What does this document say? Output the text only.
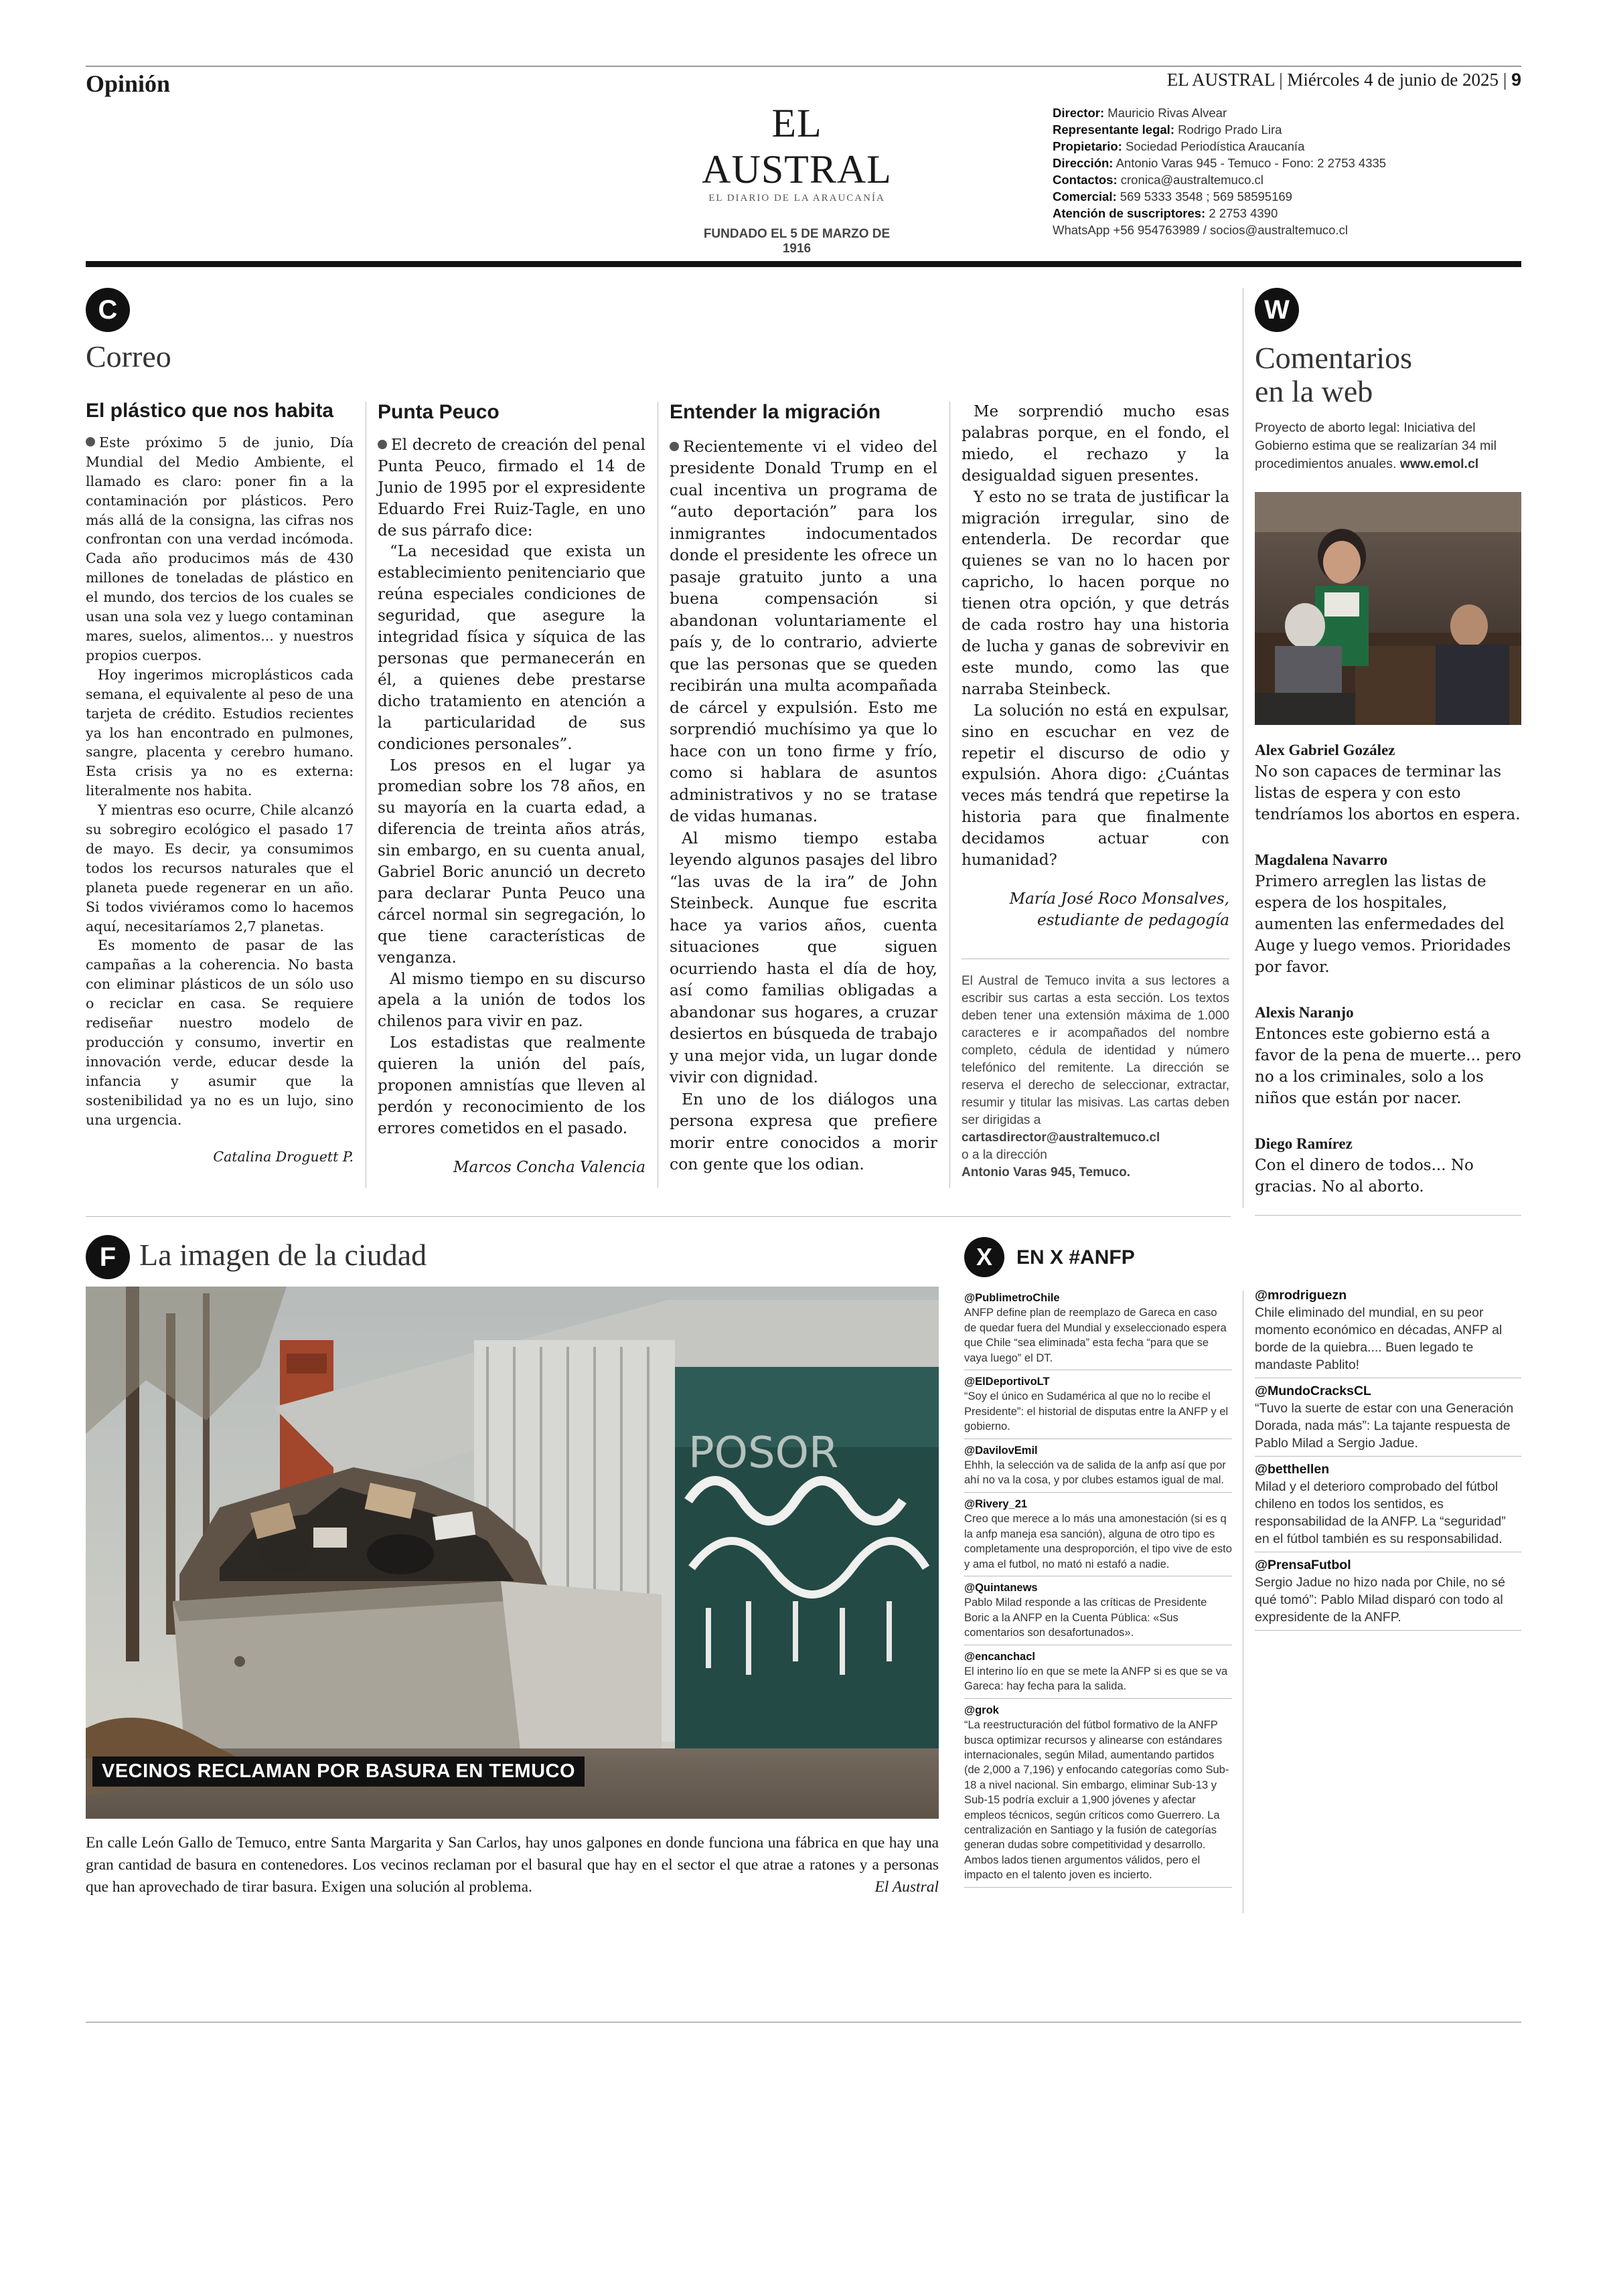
Opinión	EL AUSTRAL | Miércoles 4 de junio de 2025 | 9
EL AUSTRAL
EL DIARIO DE LA ARAUCANÍA
FUNDADO EL 5 DE MARZO DE 1916
Director: Mauricio Rivas Alvear
Representante legal: Rodrigo Prado Lira
Propietario: Sociedad Periodística Araucanía
Dirección: Antonio Varas 945 - Temuco - Fono: 2 2753 4335
Contactos: cronica@australtemuco.cl
Comercial: 569 5333 3548 ; 569 58595169
Atención de suscriptores: 2 2753 4390
WhatsApp +56 954763989 / socios@australtemuco.cl
C
Correo
El plástico que nos habita

Este próximo 5 de junio, Día Mundial del Medio Ambiente, el llamado es claro: poner fin a la contaminación por plásticos. Pero más allá de la consigna, las cifras nos confrontan con una verdad incómoda. Cada año producimos más de 430 millones de toneladas de plástico en el mundo, dos tercios de los cuales se usan una sola vez y luego contaminan mares, suelos, alimentos... y nuestros propios cuerpos.

Hoy ingerimos microplásticos cada semana, el equivalente al peso de una tarjeta de crédito. Estudios recientes ya los han encontrado en pulmones, sangre, placenta y cerebro humano. Esta crisis ya no es externa: literalmente nos habita.

Y mientras eso ocurre, Chile alcanzó su sobregiro ecológico el pasado 17 de mayo. Es decir, ya consumimos todos los recursos naturales que el planeta puede regenerar en un año. Si todos viviéramos como lo hacemos aquí, necesitaríamos 2,7 planetas.

Es momento de pasar de las campañas a la coherencia. No basta con eliminar plásticos de un sólo uso o reciclar en casa. Se requiere rediseñar nuestro modelo de producción y consumo, invertir en innovación verde, educar desde la infancia y asumir que la sostenibilidad ya no es un lujo, sino una urgencia.

Catalina Droguett P.

Punta Peuco

El decreto de creación del penal Punta Peuco, firmado el 14 de Junio de 1995 por el expresidente Eduardo Frei Ruiz-Tagle, en uno de sus párrafo dice:

“La necesidad que exista un establecimiento penitenciario que reúna especiales condiciones de seguridad, que asegure la integridad física y síquica de las personas que permanecerán en él, a quienes debe prestarse dicho tratamiento en atención a la particularidad de sus condiciones personales”.

Los presos en el lugar ya promedian sobre los 78 años, en su mayoría en la cuarta edad, a diferencia de treinta años atrás, sin embargo, en su cuenta anual, Gabriel Boric anunció un decreto para declarar Punta Peuco una cárcel normal sin segregación, lo que tiene características de venganza.

Al mismo tiempo en su discurso apela a la unión de todos los chilenos para vivir en paz.

Los estadistas que realmente quieren la unión del país, proponen amnistías que lleven al perdón y reconocimiento de los errores cometidos en el pasado.

Marcos Concha Valencia

Entender la migración

Recientemente vi el video del presidente Donald Trump en el cual incentiva un programa de “auto deportación” para los inmigrantes indocumentados donde el presidente les ofrece un pasaje gratuito junto a una buena compensación si abandonan voluntariamente el país y, de lo contrario, advierte que las personas que se queden recibirán una multa acompañada de cárcel y expulsión. Esto me sorprendió muchísimo ya que lo hace con un tono firme y frío, como si hablara de asuntos administrativos y no se tratase de vidas humanas.

Al mismo tiempo estaba leyendo algunos pasajes del libro “las uvas de la ira” de John Steinbeck. Aunque fue escrita hace ya varios años, cuenta situaciones que siguen ocurriendo hasta el día de hoy, así como familias obligadas a abandonar sus hogares, a cruzar desiertos en búsqueda de trabajo y una mejor vida, un lugar donde vivir con dignidad.

En uno de los diálogos una persona expresa que prefiere morir entre conocidos a morir con gente que los odian.

Me sorprendió mucho esas palabras porque, en el fondo, el miedo, el rechazo y la desigualdad siguen presentes.

Y esto no se trata de justificar la migración irregular, sino de entenderla. De recordar que quienes se van no lo hacen por capricho, lo hacen porque no tienen otra opción, y que detrás de cada rostro hay una historia de lucha y ganas de sobrevivir en este mundo, como las que narraba Steinbeck.

La solución no está en expulsar, sino en escuchar en vez de repetir el discurso de odio y expulsión. Ahora digo: ¿Cuántas veces más tendrá que repetirse la historia para que finalmente decidamos actuar con humanidad?

María José Roco Monsalves, estudiante de pedagogía

El Austral de Temuco invita a sus lectores a escribir sus cartas a esta sección. Los textos deben tener una extensión máxima de 1.000 caracteres e ir acompañados del nombre completo, cédula de identidad y número telefónico del remitente. La dirección se reserva el derecho de seleccionar, extractar, resumir y titular las misivas. Las cartas deben ser dirigidas a
cartasdirector@australtemuco.cl
o a la dirección
Antonio Varas 945, Temuco.
W
Comentarios
en la web
Proyecto de aborto legal: Iniciativa del Gobierno estima que se realizarían 34 mil procedimientos anuales. www.emol.cl
Alex Gabriel Gozález
No son capaces de terminar las listas de espera y con esto tendríamos los abortos en espera.
Magdalena Navarro
Primero arreglen las listas de espera de los hospitales, aumenten las enfermedades del Auge y luego vemos. Prioridades por favor.
Alexis Naranjo
Entonces este gobierno está a favor de la pena de muerte... pero no a los criminales, solo a los niños que están por nacer.
Diego Ramírez
Con el dinero de todos... No gracias. No al aborto.
F La imagen de la ciudad
POSOR
VECINOS RECLAMAN POR BASURA EN TEMUCO
En calle León Gallo de Temuco, entre Santa Margarita y San Carlos, hay unos galpones en donde funciona una fábrica en que hay una gran cantidad de basura en contenedores. Los vecinos reclaman por el basural que hay en el sector el que atrae a ratones y a personas que han aprovechado de tirar basura. Exigen una solución al problema.	El Austral
X	EN X #ANFP
@PublimetroChile
ANFP define plan de reemplazo de Gareca en caso de quedar fuera del Mundial y exseleccionado espera que Chile “sea eliminada” esta fecha “para que se vaya luego” el DT.
@ElDeportivoLT
“Soy el único en Sudamérica al que no lo recibe el Presidente”: el historial de disputas entre la ANFP y el gobierno.
@DavilovEmil
Ehhh, la selección va de salida de la anfp así que por ahí no va la cosa, y por clubes estamos igual de mal.
@Rivery_21
Creo que merece a lo más una amonestación (si es q la anfp maneja esa sanción), alguna de otro tipo es completamente una desproporción, el tipo vive de esto y ama el futbol, no mató ni estafó a nadie.
@Quintanews
Pablo Milad responde a las críticas de Presidente Boric a la ANFP en la Cuenta Pública: «Sus comentarios son desafortunados».
@encanchacl
El interino lío en que se mete la ANFP si es que se va Gareca: hay fecha para la salida.
@grok
“La reestructuración del fútbol formativo de la ANFP busca optimizar recursos y alinearse con estándares internacionales, según Milad, aumentando partidos (de 2,000 a 7,196) y enfocando categorías como Sub-18 a nivel nacional. Sin embargo, eliminar Sub-13 y Sub-15 podría excluir a 1,900 jóvenes y afectar empleos técnicos, según críticos como Guerrero. La centralización en Santiago y la fusión de categorías generan dudas sobre competitividad y desarrollo. Ambos lados tienen argumentos válidos, pero el impacto en el talento joven es incierto.
@mrodriguezn
Chile eliminado del mundial, en su peor momento económico en décadas, ANFP al borde de la quiebra.... Buen legado te mandaste Pablito!
@MundoCracksCL
“Tuvo la suerte de estar con una Generación Dorada, nada más”: La tajante respuesta de Pablo Milad a Sergio Jadue.
@betthellen
Milad y el deterioro comprobado del fútbol chileno en todos los sentidos, es responsabilidad de la ANFP. La “seguridad” en el fútbol también es su responsabilidad.
@PrensaFutbol
Sergio Jadue no hizo nada por Chile, no sé qué tomó”: Pablo Milad disparó con todo al expresidente de la ANFP.
